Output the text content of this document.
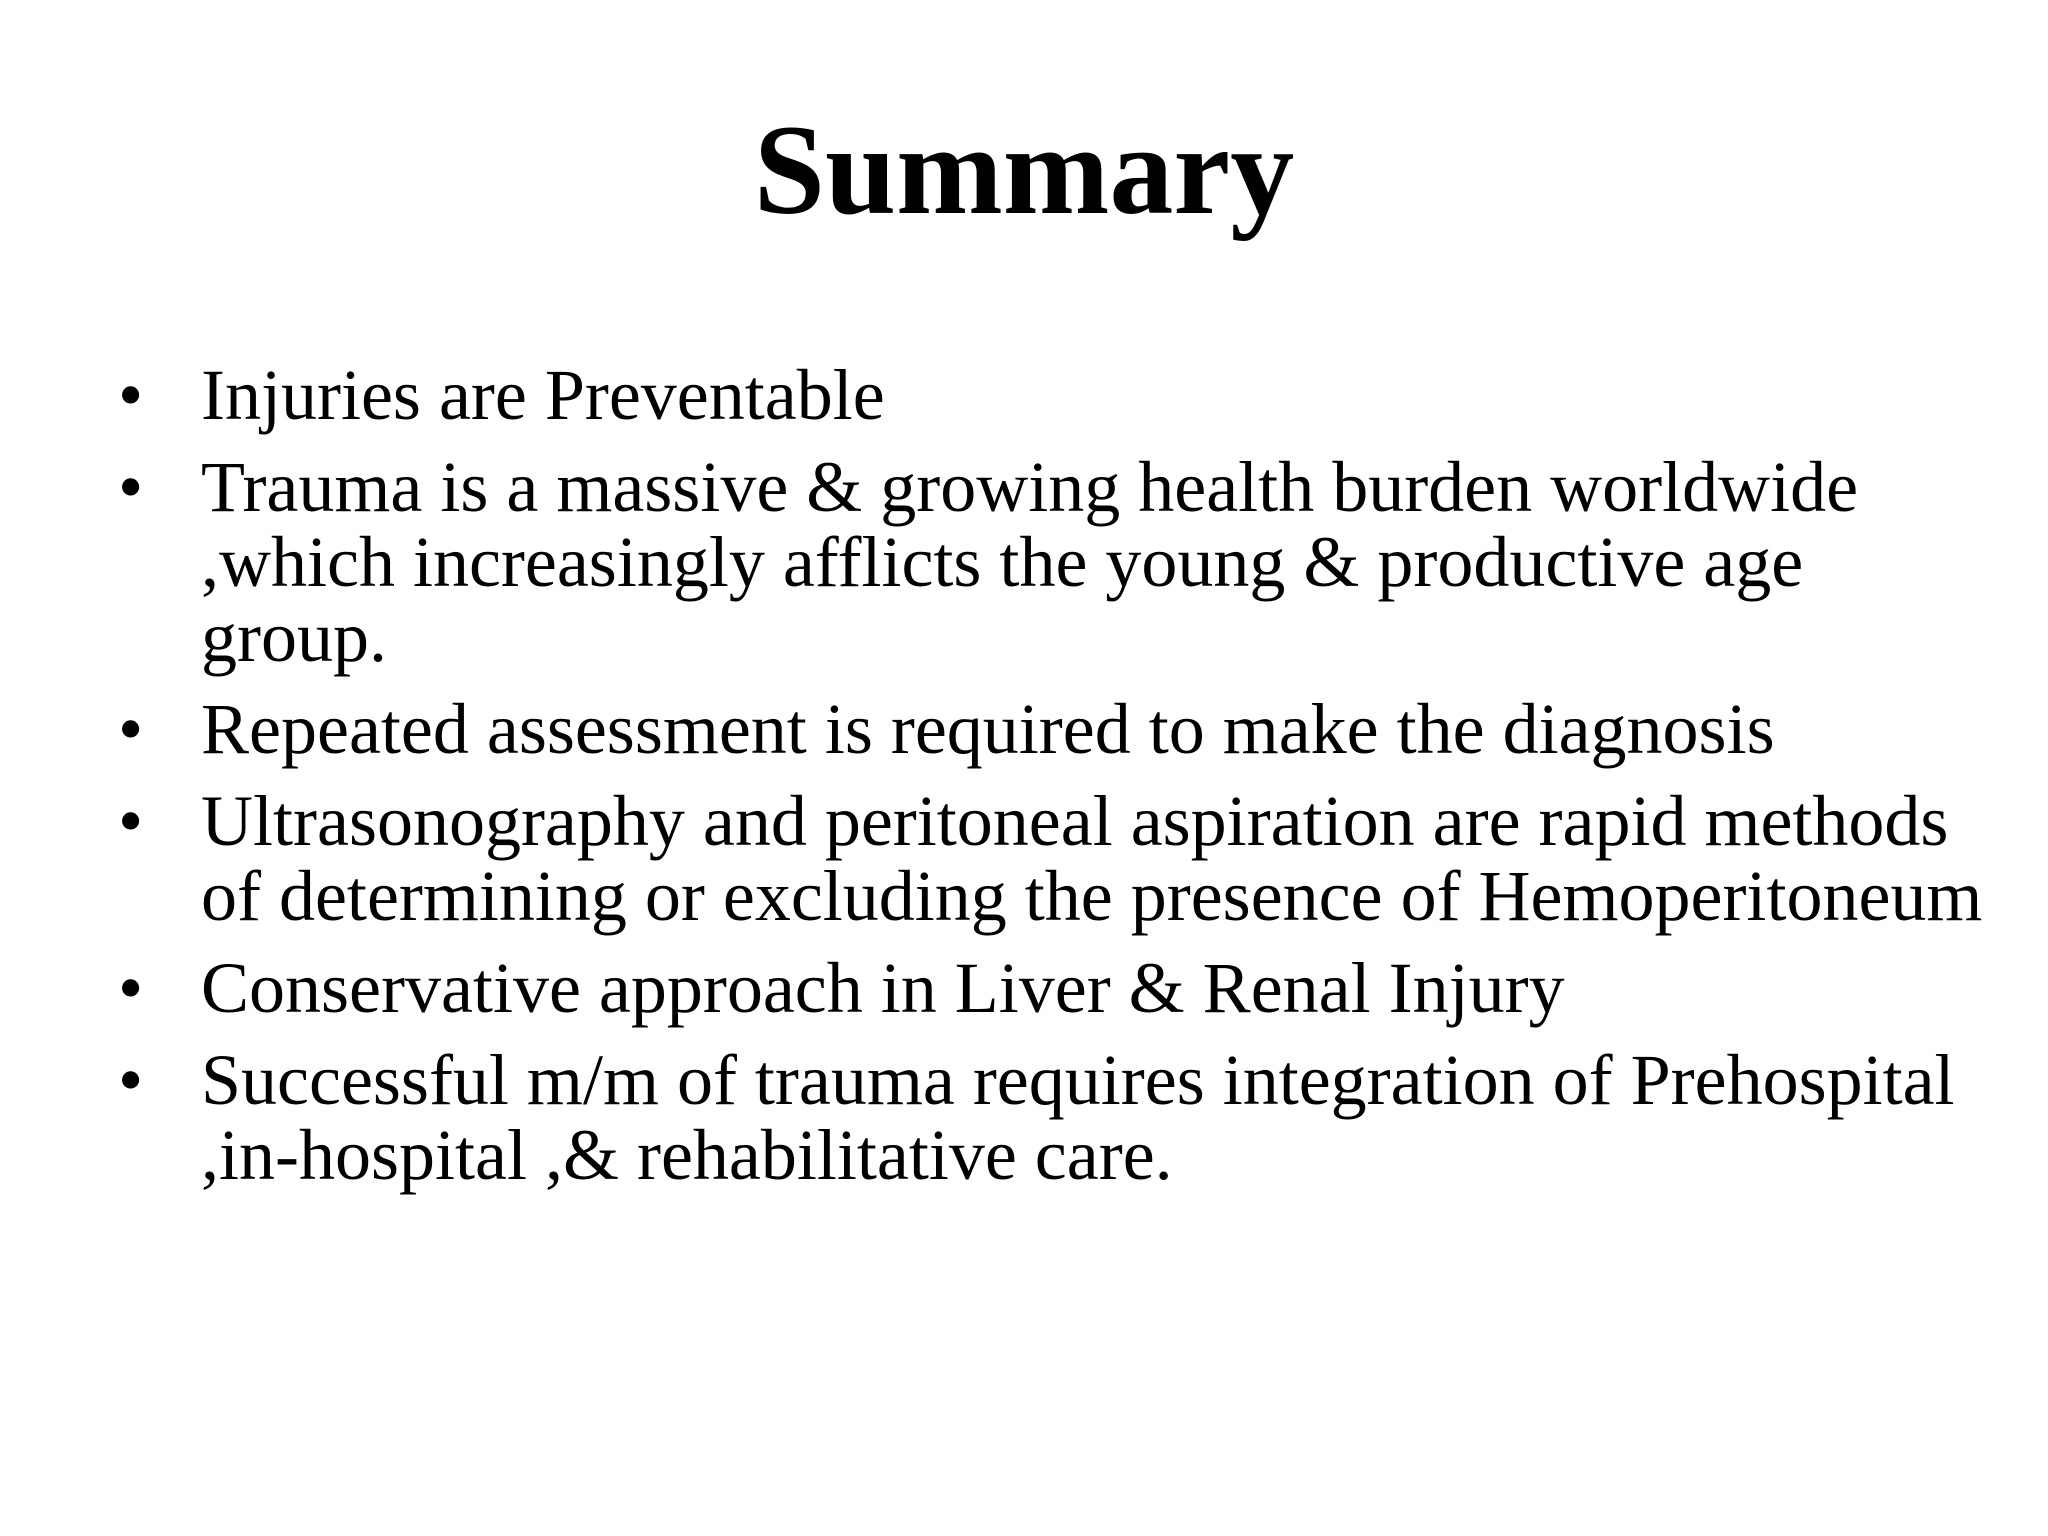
Summary
• Injuries are Preventable
• Trauma is a massive & growing health burden worldwide ,which increasingly afflicts the young & productive age group.
• Repeated assessment is required to make the diagnosis
• Ultrasonography and peritoneal aspiration are rapid methods of determining or excluding the presence of Hemoperitoneum
• Conservative approach in Liver & Renal Injury
• Successful m/m of trauma requires integration of Prehospital ,in-hospital ,& rehabilitative care.
